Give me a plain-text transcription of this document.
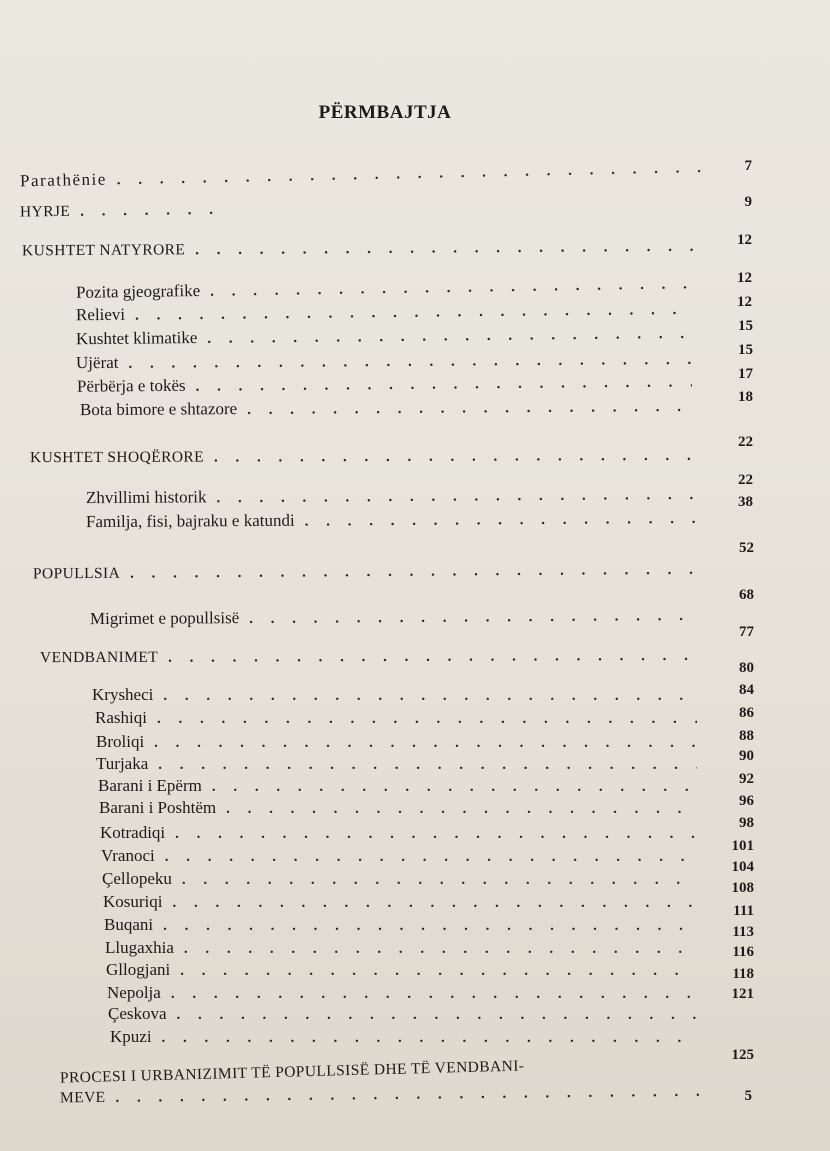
PËRMBAJTJA
Parathënie
. . .
HYRJE
. . .
KUSHTET NATYRORE
. . .
Pozita gjeografike
. . .
Relievi
. . .
Kushtet klimatike
. . .
Ujërat
. . .
Përbërja e tokës
. . .
Bota bimore e shtazore
. . .
KUSHTET SHOQËRORE
. . .
Zhvillimi historik
. . .
Familja, fisi, bajraku e katundi
. . .
POPULLSIA
. . .
Migrimet e popullsisë
. . .
VENDBANIMET
. . .
Krysheci
. . .
Rashiqi
. . .
Broliqi
. . .
Turjaka
. . .
Barani i Epërm
. . .
Barani i Poshtëm
. . .
Kotradiqi
. . .
Vranoci
. . .
Çellopeku
. . .
Kosuriqi
. . .
Buqani
. . .
Llugaxhia
. . .
Gllogjani
. . .
Nepolja
. . .
Çeskova
. . .
Kpuzi
. . .
PROCESI I URBANIZIMIT TË POPULLSISË DHE TË VENDBANI-
MEVE
. . .
7
9
12
12
12
15
15
17
18
22
22
38
52
68
77
80
84
86
88
90
92
96
98
101
104
108
111
113
116
118
121
125
5
